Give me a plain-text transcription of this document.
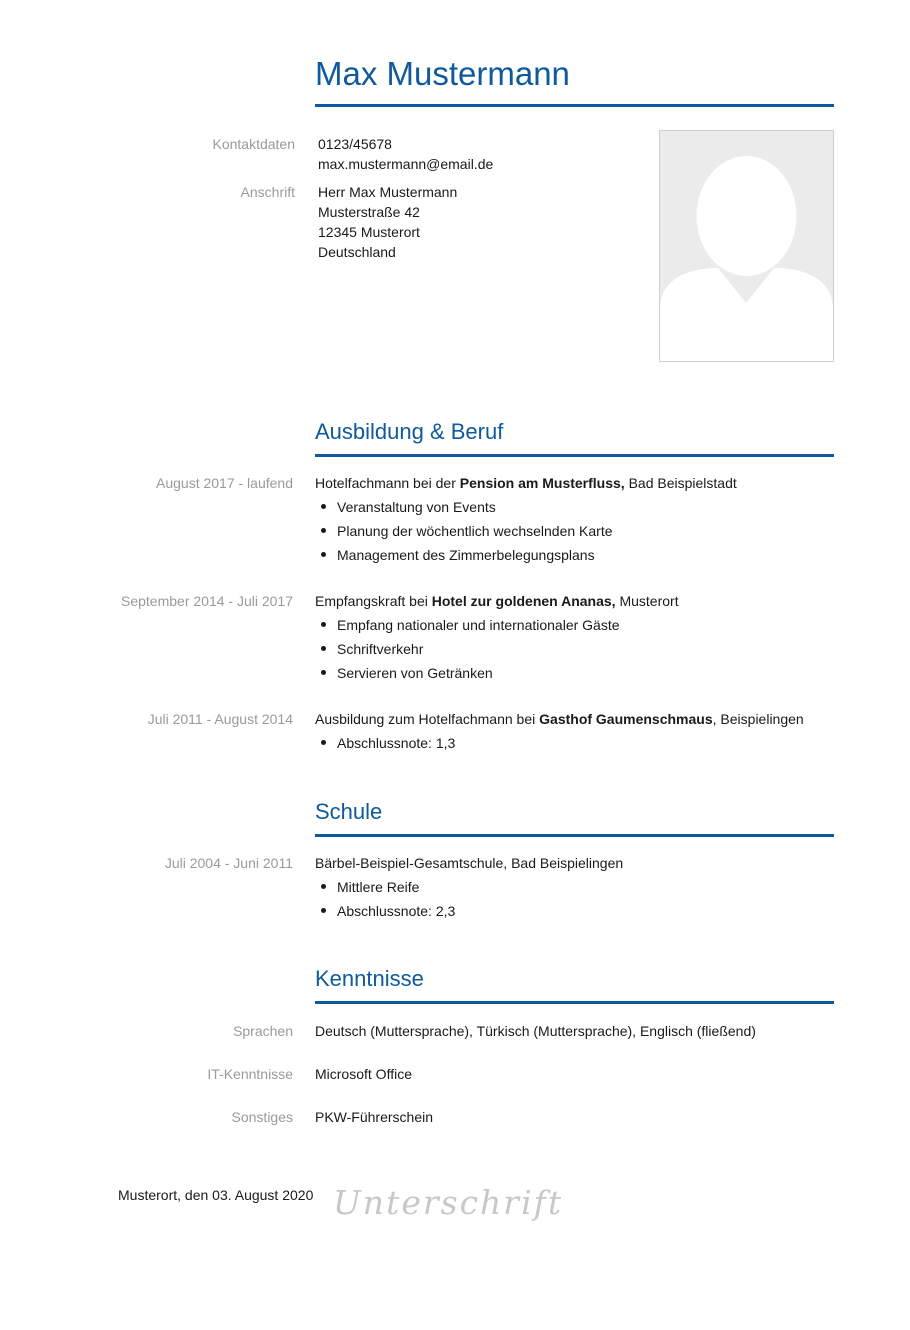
Max Mustermann
Kontaktdaten 0123/45678
max.mustermann@email.de
Anschrift Herr Max Mustermann
Musterstraße 42
12345 Musterort
Deutschland
Ausbildung & Beruf
August 2017 - laufend Hotelfachmann bei der Pension am Musterfluss, Bad Beispielstadt
Veranstaltung von Events
Planung der wöchentlich wechselnden Karte
Management des Zimmerbelegungsplans
September 2014 - Juli 2017 Empfangskraft bei Hotel zur goldenen Ananas, Musterort
Empfang nationaler und internationaler Gäste
Schriftverkehr
Servieren von Getränken
Juli 2011 - August 2014 Ausbildung zum Hotelfachmann bei Gasthof Gaumenschmaus, Beispielingen
Abschlussnote: 1,3
Schule
Juli 2004 - Juni 2011 Bärbel-Beispiel-Gesamtschule, Bad Beispielingen
Mittlere Reife
Abschlussnote: 2,3
Kenntnisse
Sprachen Deutsch (Muttersprache), Türkisch (Muttersprache), Englisch (fließend)
IT-Kenntnisse Microsoft Office
Sonstiges PKW-Führerschein
Musterort, den 03. August 2020 Unterschrift
